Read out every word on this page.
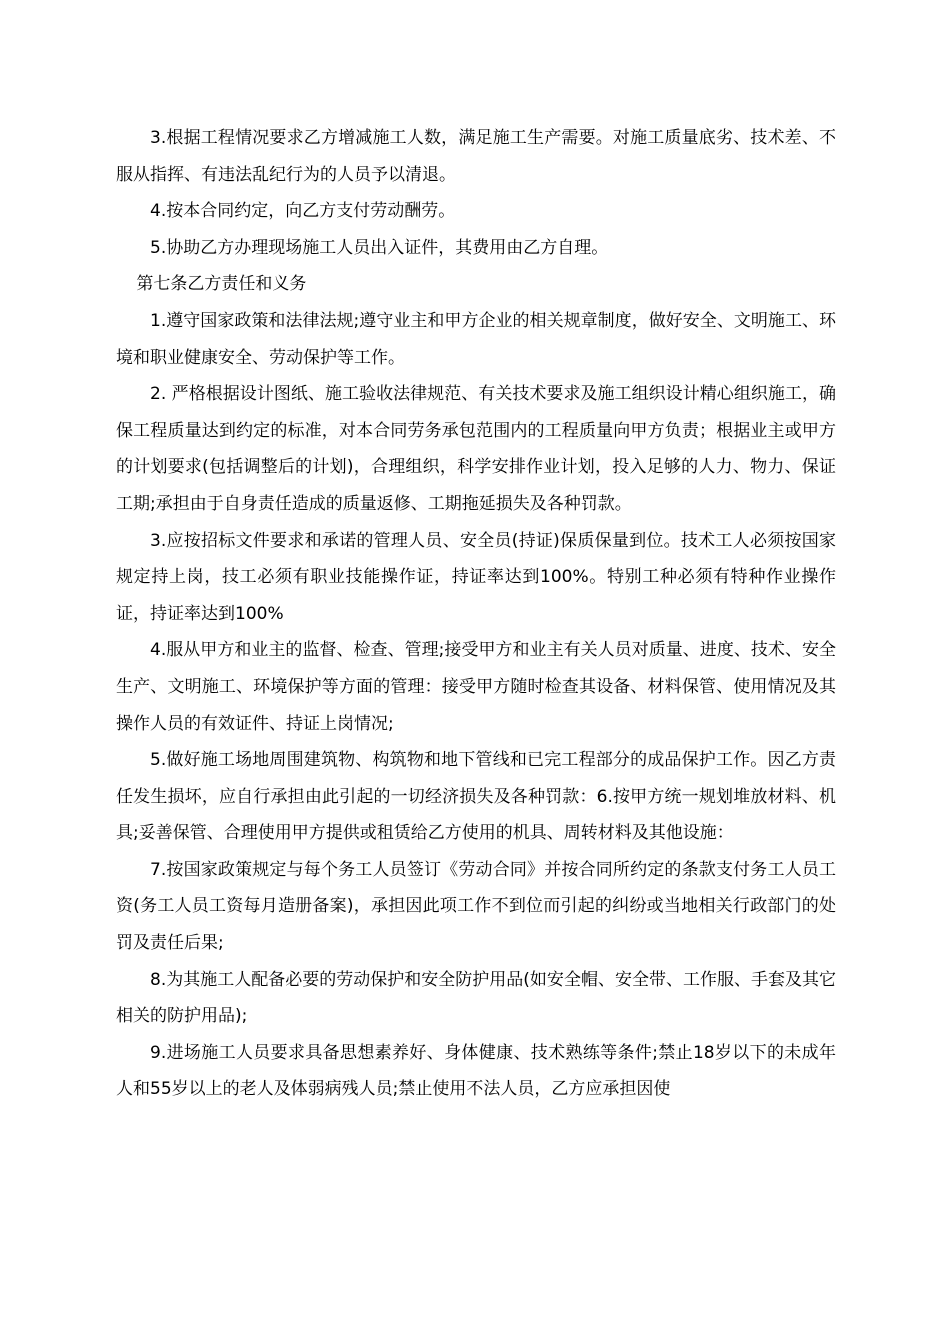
3.根据工程情况要求乙方增减施工人数，满足施工生产需要。对施工质量底劣、技术差、不服从指挥、有违法乱纪行为的人员予以清退。

4.按本合同约定，向乙方支付劳动酬劳。

5.协助乙方办理现场施工人员出入证件，其费用由乙方自理。

第七条乙方责任和义务

1.遵守国家政策和法律法规;遵守业主和甲方企业的相关规章制度，做好安全、文明施工、环境和职业健康安全、劳动保护等工作。

2. 严格根据设计图纸、施工验收法律规范、有关技术要求及施工组织设计精心组织施工，确保工程质量达到约定的标准，对本合同劳务承包范围内的工程质量向甲方负责；根据业主或甲方的计划要求(包括调整后的计划)，合理组织，科学安排作业计划，投入足够的人力、物力、保证工期;承担由于自身责任造成的质量返修、工期拖延损失及各种罚款。

3.应按招标文件要求和承诺的管理人员、安全员(持证)保质保量到位。技术工人必须按国家规定持上岗，技工必须有职业技能操作证，持证率达到100%。特别工种必须有特种作业操作证，持证率达到100%

4.服从甲方和业主的监督、检查、管理;接受甲方和业主有关人员对质量、进度、技术、安全生产、文明施工、环境保护等方面的管理：接受甲方随时检查其设备、材料保管、使用情况及其操作人员的有效证件、持证上岗情况;

5.做好施工场地周围建筑物、构筑物和地下管线和已完工程部分的成品保护工作。因乙方责任发生损坏，应自行承担由此引起的一切经济损失及各种罚款：6.按甲方统一规划堆放材料、机具;妥善保管、合理使用甲方提供或租赁给乙方使用的机具、周转材料及其他设施：

7.按国家政策规定与每个务工人员签订《劳动合同》并按合同所约定的条款支付务工人员工资(务工人员工资每月造册备案)，承担因此项工作不到位而引起的纠纷或当地相关行政部门的处罚及责任后果;

8.为其施工人配备必要的劳动保护和安全防护用品(如安全帽、安全带、工作服、手套及其它相关的防护用品);

9.进场施工人员要求具备思想素养好、身体健康、技术熟练等条件;禁止18岁以下的未成年人和55岁以上的老人及体弱病残人员;禁止使用不法人员，乙方应承担因使
